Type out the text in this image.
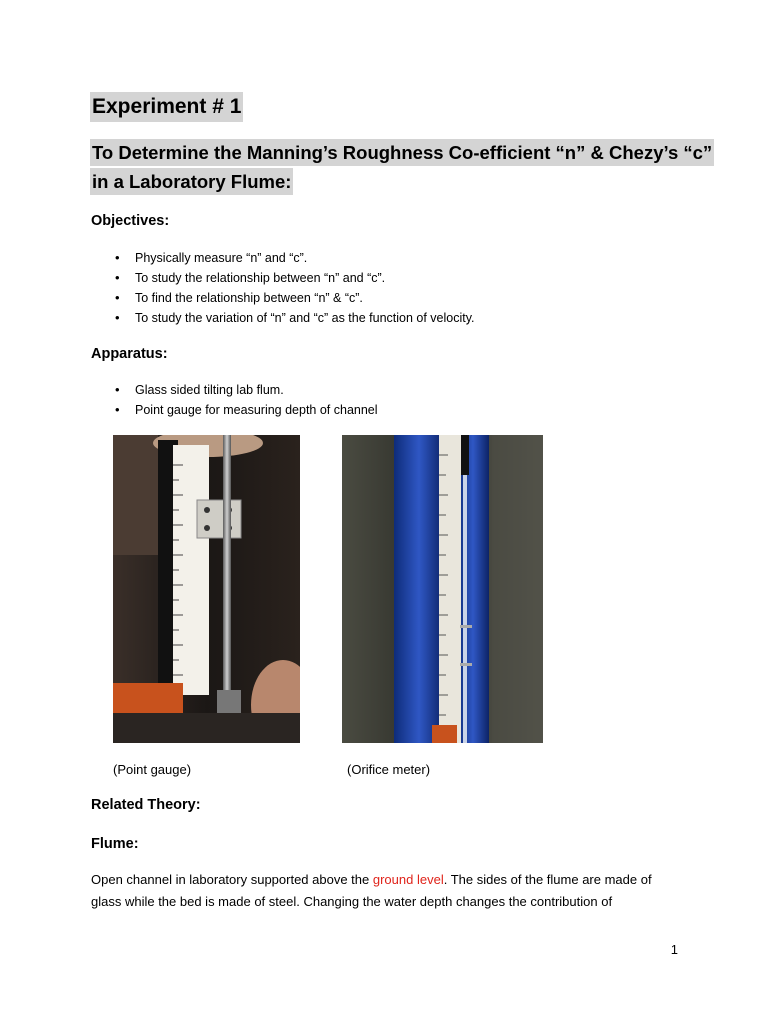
Experiment # 1
To Determine the Manning’s Roughness Co-efficient “n” & Chezy’s “c”
in a Laboratory Flume:
Objectives:
• Physically measure “n” and “c”.
• To study the relationship between “n” and “c”.
• To find the relationship between “n” & “c”.
• To study the variation of “n” and “c” as the function of velocity.
Apparatus:
• Glass sided tilting lab flum.
• Point gauge for measuring depth of channel
(Point gauge)	(Orifice meter)
Related Theory:
Flume:
Open channel in laboratory supported above the ground level. The sides of the flume are made of glass while the bed is made of steel. Changing the water depth changes the contribution of
1
